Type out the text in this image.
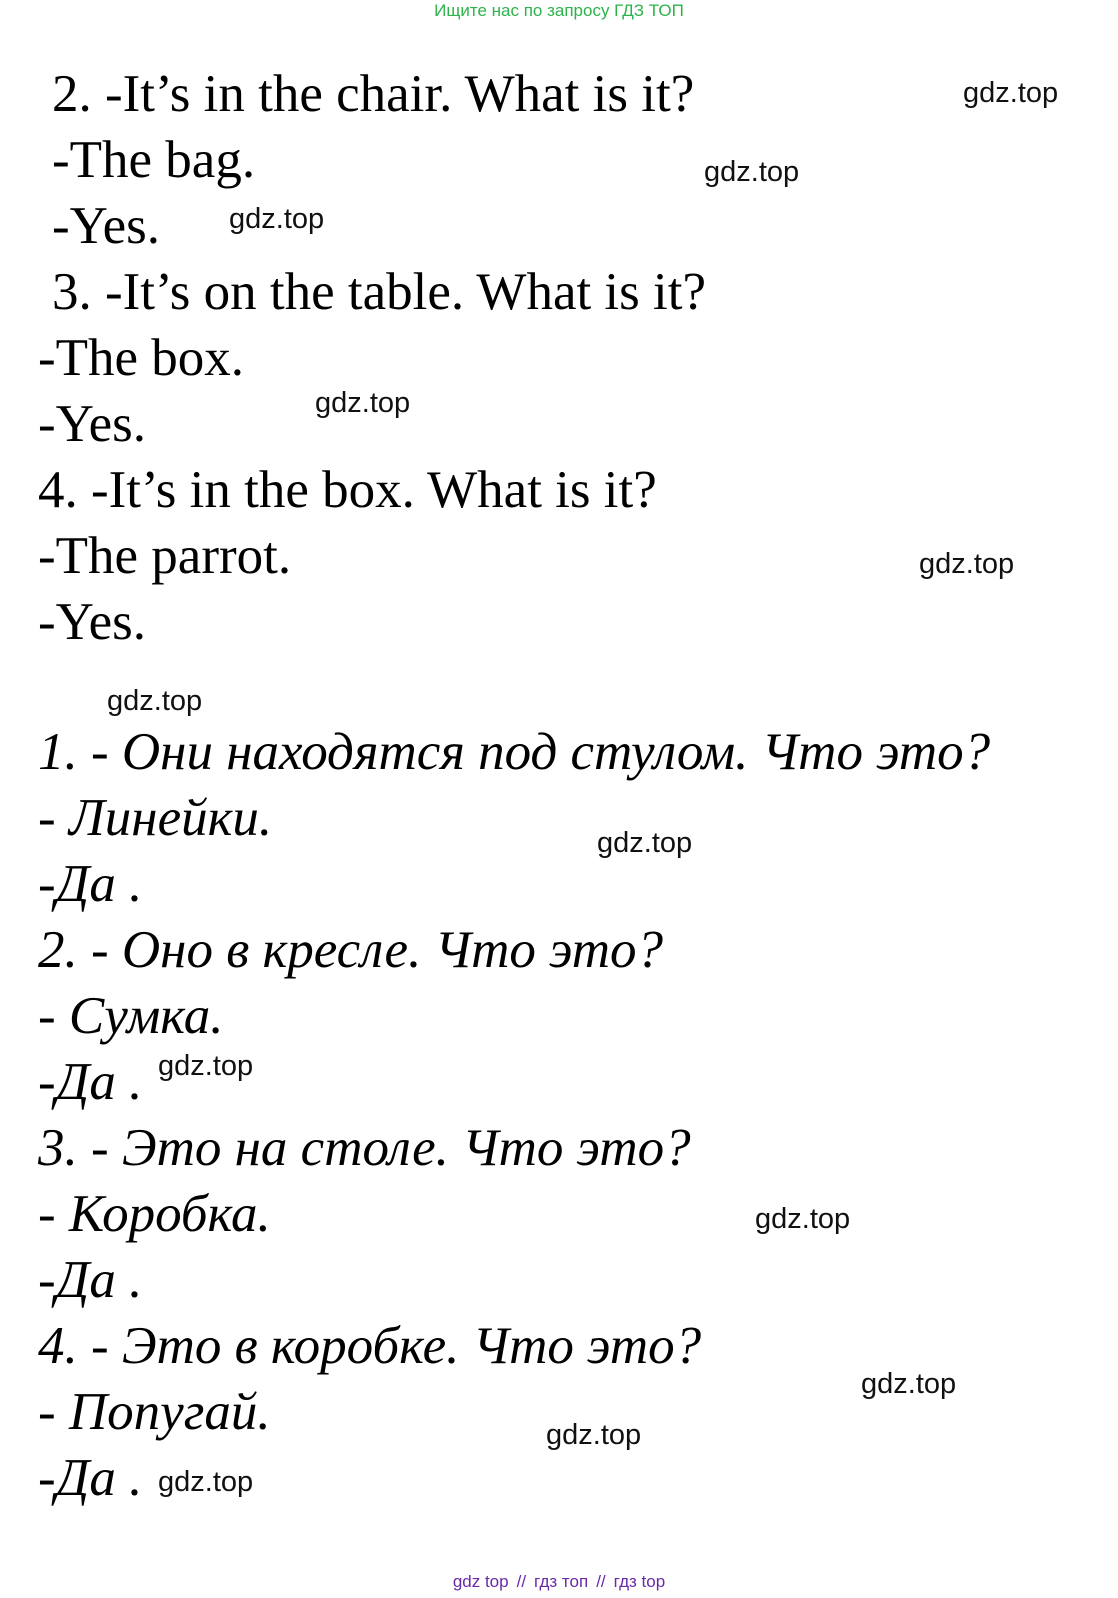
Ищите нас по запросу ГДЗ ТОП
2. -It’s in the chair. What is it?
-The bag.
-Yes.
3. -It’s on the table. What is it?
-The box.
-Yes.
4. -It’s in the box. What is it?
-The parrot.
-Yes.
1. - Они находятся под стулом. Что это?
- Линейки.
-Да .
2. - Оно в кресле. Что это?
- Сумка.
-Да .
3. - Это на столе. Что это?
- Коробка.
-Да .
4. - Это в коробке. Что это?
- Попугай.
-Да .
gdz.top
gdz.top
gdz.top
gdz.top
gdz.top
gdz.top
gdz.top
gdz.top
gdz.top
gdz.top
gdz.top
gdz.top
gdz top // гдз топ // гдз top
